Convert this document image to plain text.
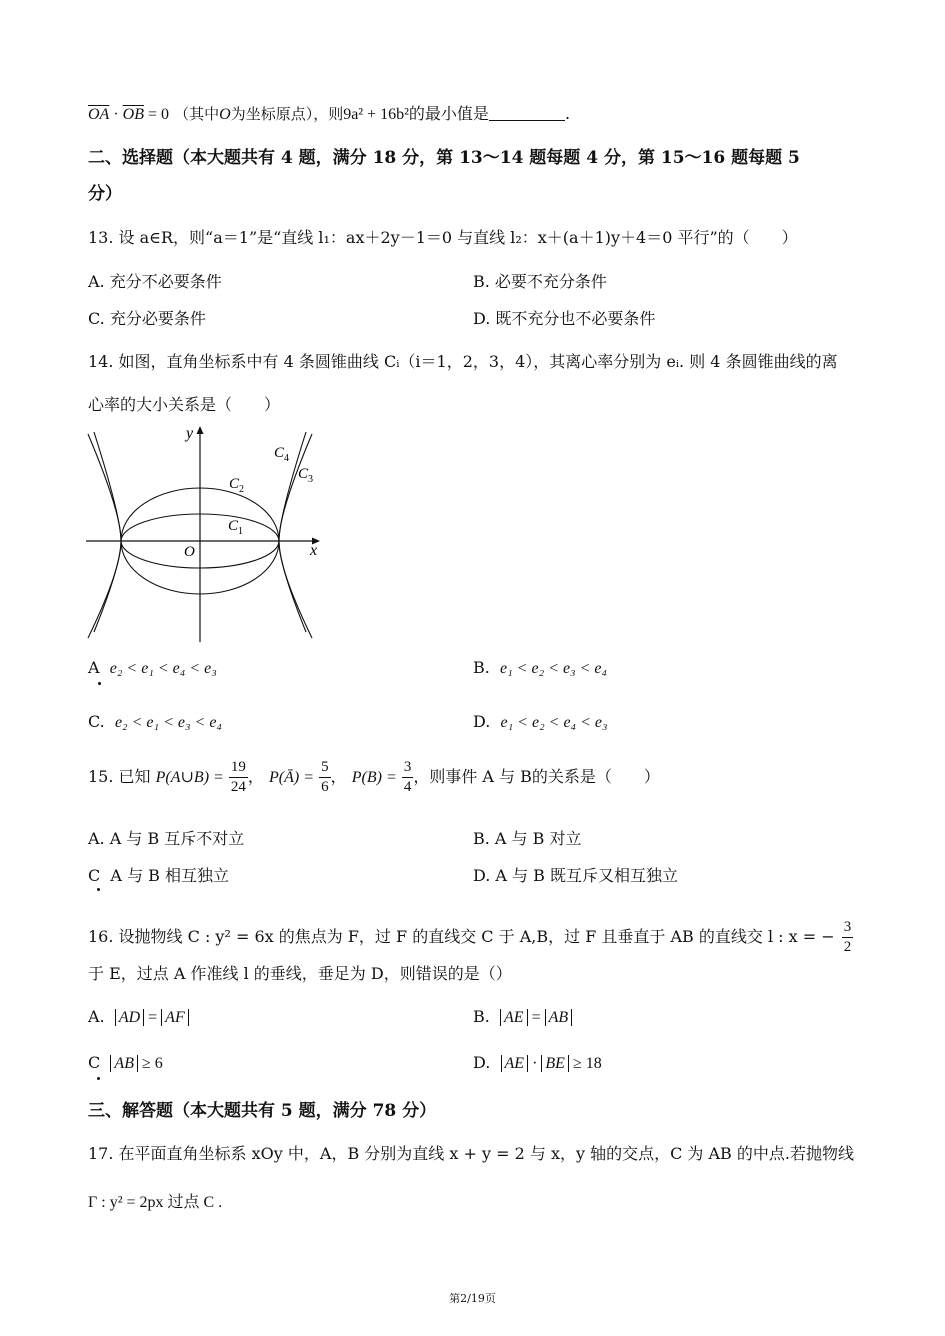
$\overline{OA} \cdot \overline{OB} = 0$ （其中O为坐标原点），则9a² + 16b²的最小值是	.
二、选择题（本大题共有 4 题，满分 18 分，第 13～14 题每题 4 分，第 15～16 题每题 5
分）
13. 设 a∈R，则“a＝1”是“直线 l₁：ax＋2y－1＝0 与直线 l₂：x＋(a＋1)y＋4＝0 平行”的（　　）
A. 充分不必要条件	B. 必要不充分条件
C. 充分必要条件	D. 既不充分也不必要条件
14. 如图，直角坐标系中有 4 条圆锥曲线 Cᵢ（i＝1，2，3，4），其离心率分别为 eᵢ. 则 4 条圆锥曲线的离
心率的大小关系是（　　）
y
x
O
$C_1$
$C_2$
$C_3$
$C_4$
A e₂ < e₁ < e₄ < e₃	B. e₁ < e₂ < e₃ < e₄
C. e₂ < e₁ < e₃ < e₄	D. e₁ < e₂ < e₄ < e₃
15. 已知 P(A∪B) = $\frac{19}{24}$ ， P(Ā) = $\frac{5}{6}$ ， $P(B) = \frac{3}{4}$ ，则事件 A 与 B的关系是（　　）
A. A 与 B 互斥不对立	B. A 与 B 对立
C A 与 B 相互独立	D. A 与 B 既互斥又相互独立
16. 设抛物线 C : y² = 6x 的焦点为 F，过 F 的直线交 C 于 A,B，过 F 且垂直于 AB 的直线交 l : x = − $\frac{3}{2}$
于 E，过点 A 作准线 l 的垂线，垂足为 D，则错误的是（）
A. AD = AF	B. AE = AB
C AB ≥ 6	D. AE · BE ≥ 18
三、解答题（本大题共有 5 题，满分 78 分）
17. 在平面直角坐标系 xOy 中，A，B 分别为直线 x + y = 2 与 x，y 轴的交点，C 为 AB 的中点.若抛物线
Γ : y² = 2px 过点 C .
第2/19页
